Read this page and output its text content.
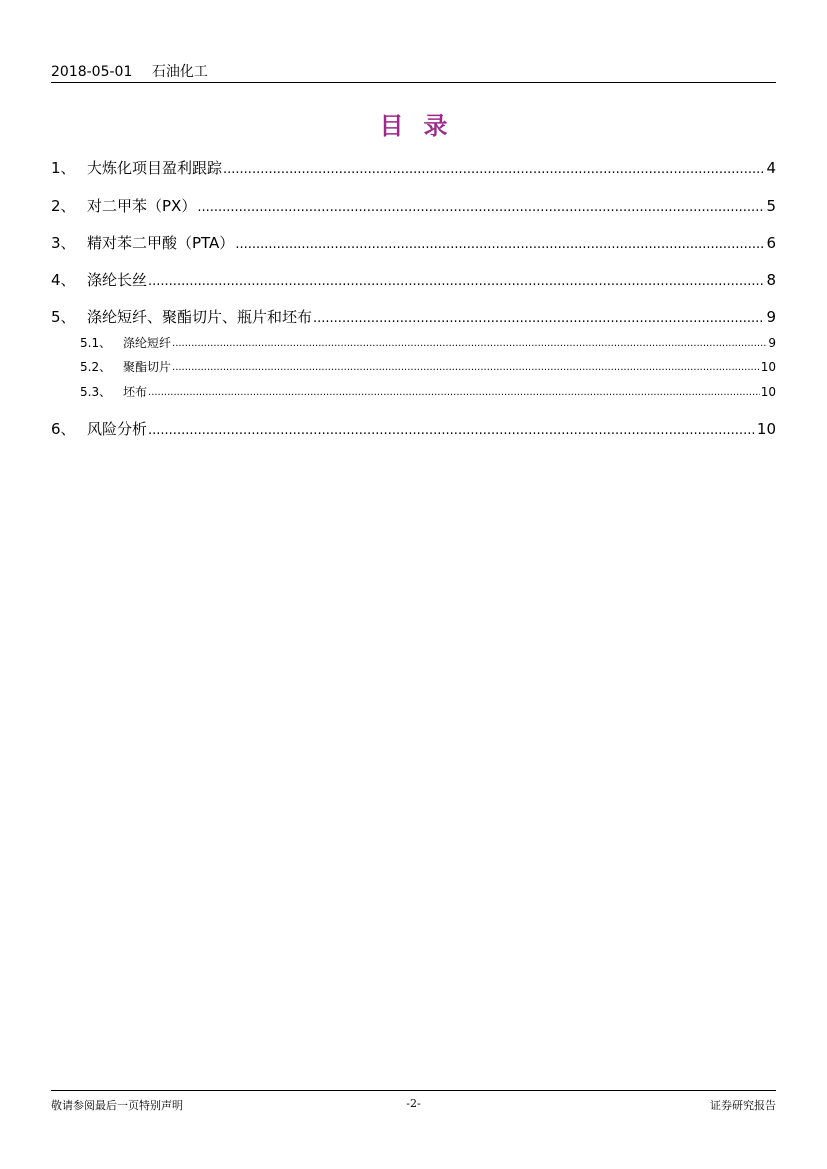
2018-05-01 石油化工
目录
1、 大炼化项目盈利跟踪 .....	4
2、 对二甲苯（PX） .....	5
3、 精对苯二甲酸（PTA） .....	6
4、 涤纶长丝 .....	8
5、 涤纶短纤、聚酯切片、瓶片和坯布 .....	9
5.1、 涤纶短纤 .....	9
5.2、 聚酯切片 .....	10
5.3、 坯布 .....	10
6、 风险分析 .....	10
敬请参阅最后一页特别声明	-2-	证券研究报告
